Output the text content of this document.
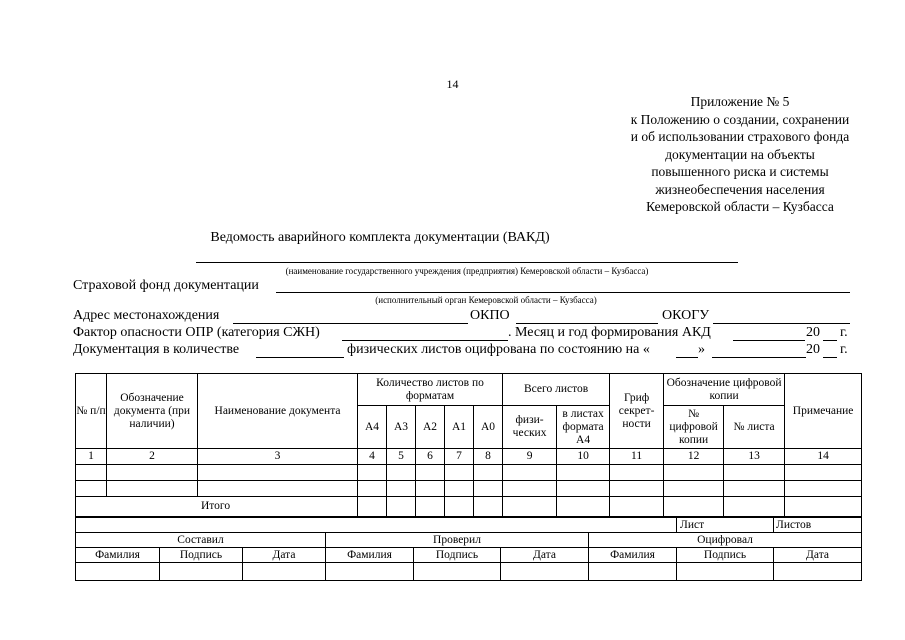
14
Приложение № 5
к Положению о создании, сохранении
и об использовании страхового фонда
документации на объекты
повышенного риска и системы
жизнеобеспечения населения
Кемеровской области – Кузбасса
Ведомость аварийного комплекта документации (ВАКД)
(наименование государственного учреждения (предприятия) Кемеровской области – Кузбасса)
Страховой фонд документации
(исполнительный орган Кемеровской области – Кузбасса)
Адрес местонахождения	ОКПО	ОКОГУ
Фактор опасности ОПР (категория СЖН)	. Месяц и год формирования АКД	20 г.
Документация в количестве	физических листов оцифрована по состоянию на «	»	20 г.
№ п/п	Обозначение документа (при наличии)	Наименование документа	Количество листов по форматам					Всего листов		Гриф секрет-ности	Обозначение цифровой копии		Примечание
			А4	А3	А2	А1	А0	физи-ческих	в листах формата А4		№ цифровой копии	№ листа	
1	2	3	4	5	6	7	8	9	10	11	12	13	14

Итого													
							Лист	Листов
Составил			Проверил			Оцифровал		
Фамилия	Подпись	Дата	Фамилия	Подпись	Дата	Фамилия	Подпись	Дата
